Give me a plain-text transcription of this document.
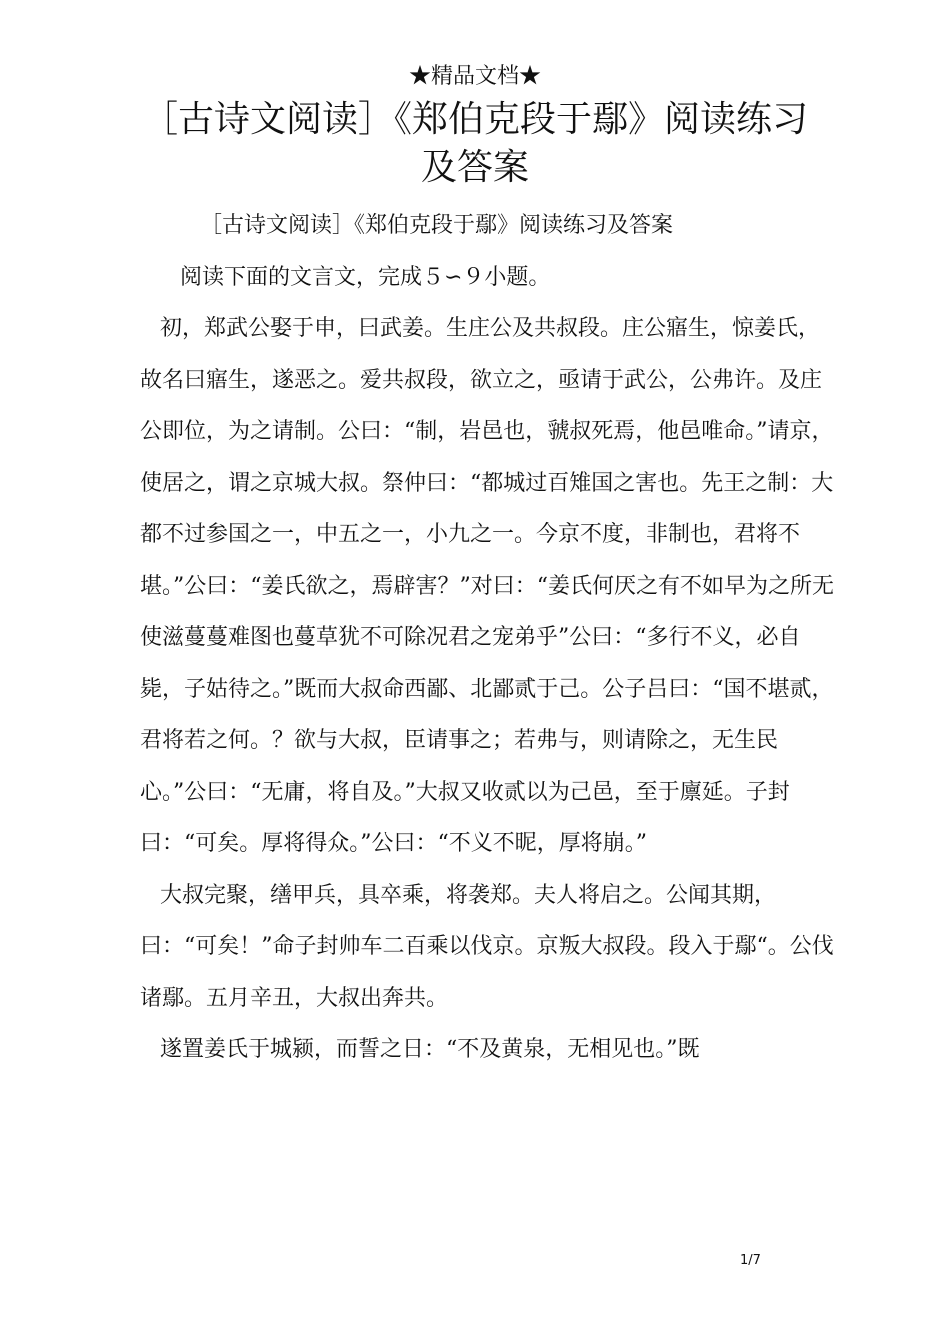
★精品文档★
［古诗文阅读］《郑伯克段于鄢》阅读练习
及答案

［古诗文阅读］《郑伯克段于鄢》阅读练习及答案

阅读下面的文言文，完成５∽９小题。

初，郑武公娶于申，曰武姜。生庄公及共叔段。庄公寤生，惊姜氏，故名曰寤生，遂恶之。爱共叔段，欲立之，亟请于武公，公弗许。及庄公即位，为之请制。公曰：“制，岩邑也，虢叔死焉，他邑唯命。”请京，使居之，谓之京城大叔。祭仲曰：“都城过百雉国之害也。先王之制：大都不过参国之一，中五之一，小九之一。今京不度，非制也，君将不堪。”公曰：“姜氏欲之，焉辟害？”对曰：“姜氏何厌之有不如早为之所无使滋蔓蔓难图也蔓草犹不可除况君之宠弟乎”公曰：“多行不义，必自毙，子姑待之。”既而大叔命西鄙、北鄙贰于己。公子吕曰：“国不堪贰，君将若之何。？欲与大叔，臣请事之；若弗与，则请除之，无生民心。”公曰：“无庸，将自及。”大叔又收贰以为己邑，至于廪延。子封曰：“可矣。厚将得众。”公曰：“不义不昵，厚将崩。”

大叔完聚，缮甲兵，具卒乘，将袭郑。夫人将启之。公闻其期，曰：“可矣！”命子封帅车二百乘以伐京。京叛大叔段。段入于鄢“。公伐诸鄢。五月辛丑，大叔出奔共。

遂置姜氏于城颍，而誓之日：“不及黄泉，无相见也。”既

1/7
